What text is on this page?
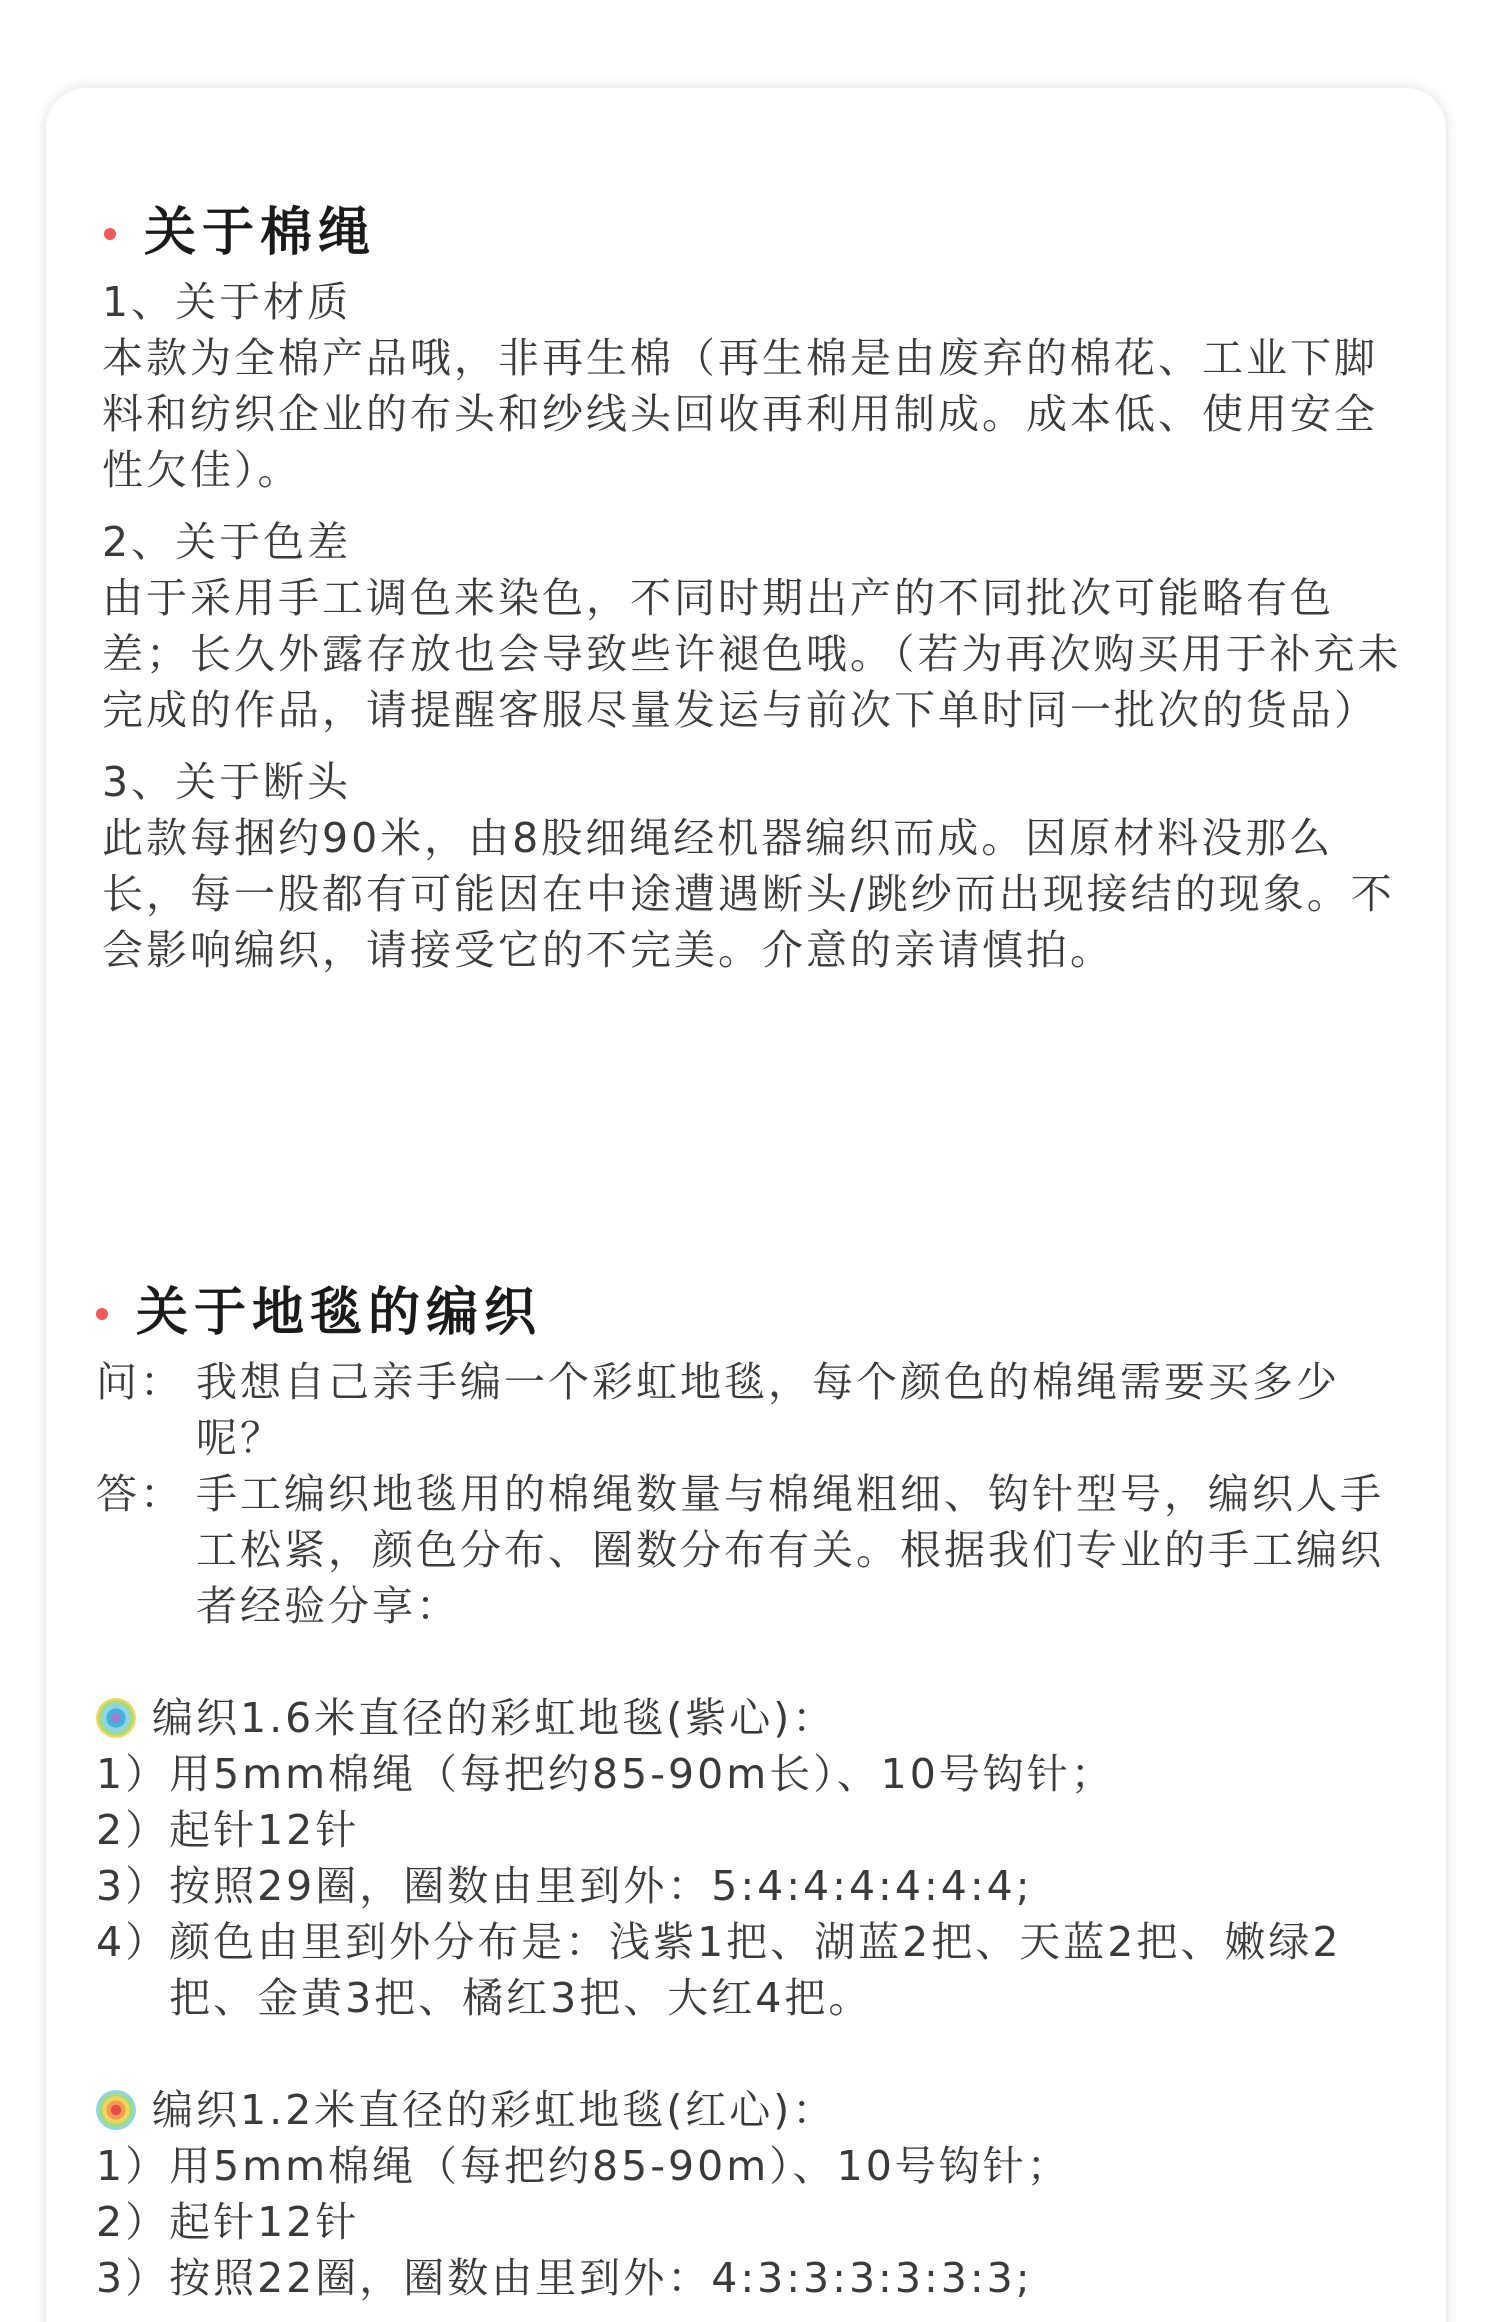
关于棉绳

1、关于材质

本款为全棉产品哦，非再生棉（再生棉是由废弃的棉花、工业下脚料和纺织企业的布头和纱线头回收再利用制成。成本低、使用安全性欠佳）。

2、关于色差

由于采用手工调色来染色，不同时期出产的不同批次可能略有色差；长久外露存放也会导致些许褪色哦。（若为再次购买用于补充未完成的作品，请提醒客服尽量发运与前次下单时同一批次的货品）

3、关于断头

此款每捆约90米，由8股细绳经机器编织而成。因原材料没那么长，每一股都有可能因在中途遭遇断头/跳纱而出现接结的现象。不会影响编织，请接受它的不完美。介意的亲请慎拍。

关于地毯的编织
问： 我想自己亲手编一个彩虹地毯，每个颜色的棉绳需要买多少呢？
答： 手工编织地毯用的棉绳数量与棉绳粗细、钩针型号，编织人手工松紧，颜色分布、圈数分布有关。根据我们专业的手工编织者经验分享：
编织1.6米直径的彩虹地毯(紫心)：
1） 用5mm棉绳（每把约85-90m长）、10号钩针；
2） 起针12针
3） 按照29圈，圈数由里到外：5:4:4:4:4:4:4;
4） 颜色由里到外分布是：浅紫1把、湖蓝2把、天蓝2把、嫩绿2把、金黄3把、橘红3把、大红4把。
编织1.2米直径的彩虹地毯(红心)：
1） 用5mm棉绳（每把约85-90m）、10号钩针；
2） 起针12针
3） 按照22圈，圈数由里到外：4:3:3:3:3:3:3;
